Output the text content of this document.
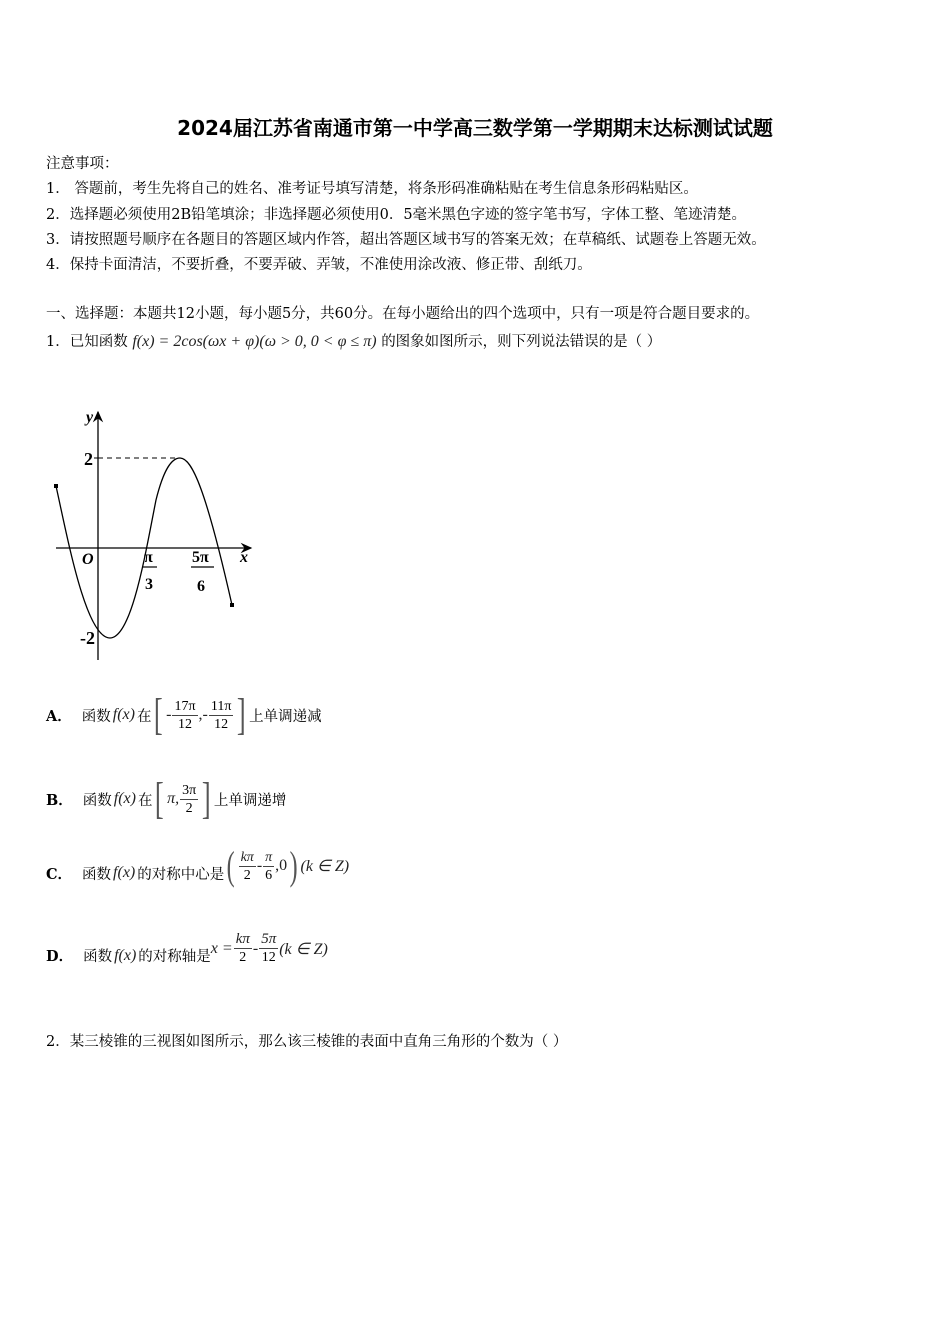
2024届江苏省南通市第一中学高三数学第一学期期末达标测试试题
注意事项：
1． 答题前，考生先将自己的姓名、准考证号填写清楚，将条形码准确粘贴在考生信息条形码粘贴区。
2．选择题必须使用2B铅笔填涂；非选择题必须使用0．5毫米黑色字迹的签字笔书写，字体工整、笔迹清楚。
3．请按照题号顺序在各题目的答题区域内作答，超出答题区域书写的答案无效；在草稿纸、试题卷上答题无效。
4．保持卡面清洁，不要折叠，不要弄破、弄皱，不准使用涂改液、修正带、刮纸刀。
一、选择题：本题共12小题，每小题5分，共60分。在每小题给出的四个选项中，只有一项是符合题目要求的。
1．已知函数 f(x) = 2cos(ωx + φ)(ω > 0, 0 < φ ≤ π) 的图象如图所示，则下列说法错误的是（ ）
y
x
O
2
-2
π
3
5π
6
A． 函数 f(x) 在 [ - $\frac{17\pi}{12}$ , - $\frac{11\pi}{12}$ ] 上单调递减
B． 函数 f(x) 在 [ π, $\frac{3\pi}{2}$ ] 上单调递增
C． 函数 f(x) 的对称中心是 ( $\frac{k\pi}{2} - \frac{\pi}{6} ,0$ ) (k ∈ Z)
D． 函数 f(x) 的对称轴是
$x = \frac{k\pi}{2} - \frac{5\pi}{12} (k$ ∈ Z)
2．某三棱锥的三视图如图所示，那么该三棱锥的表面中直角三角形的个数为（ ）
